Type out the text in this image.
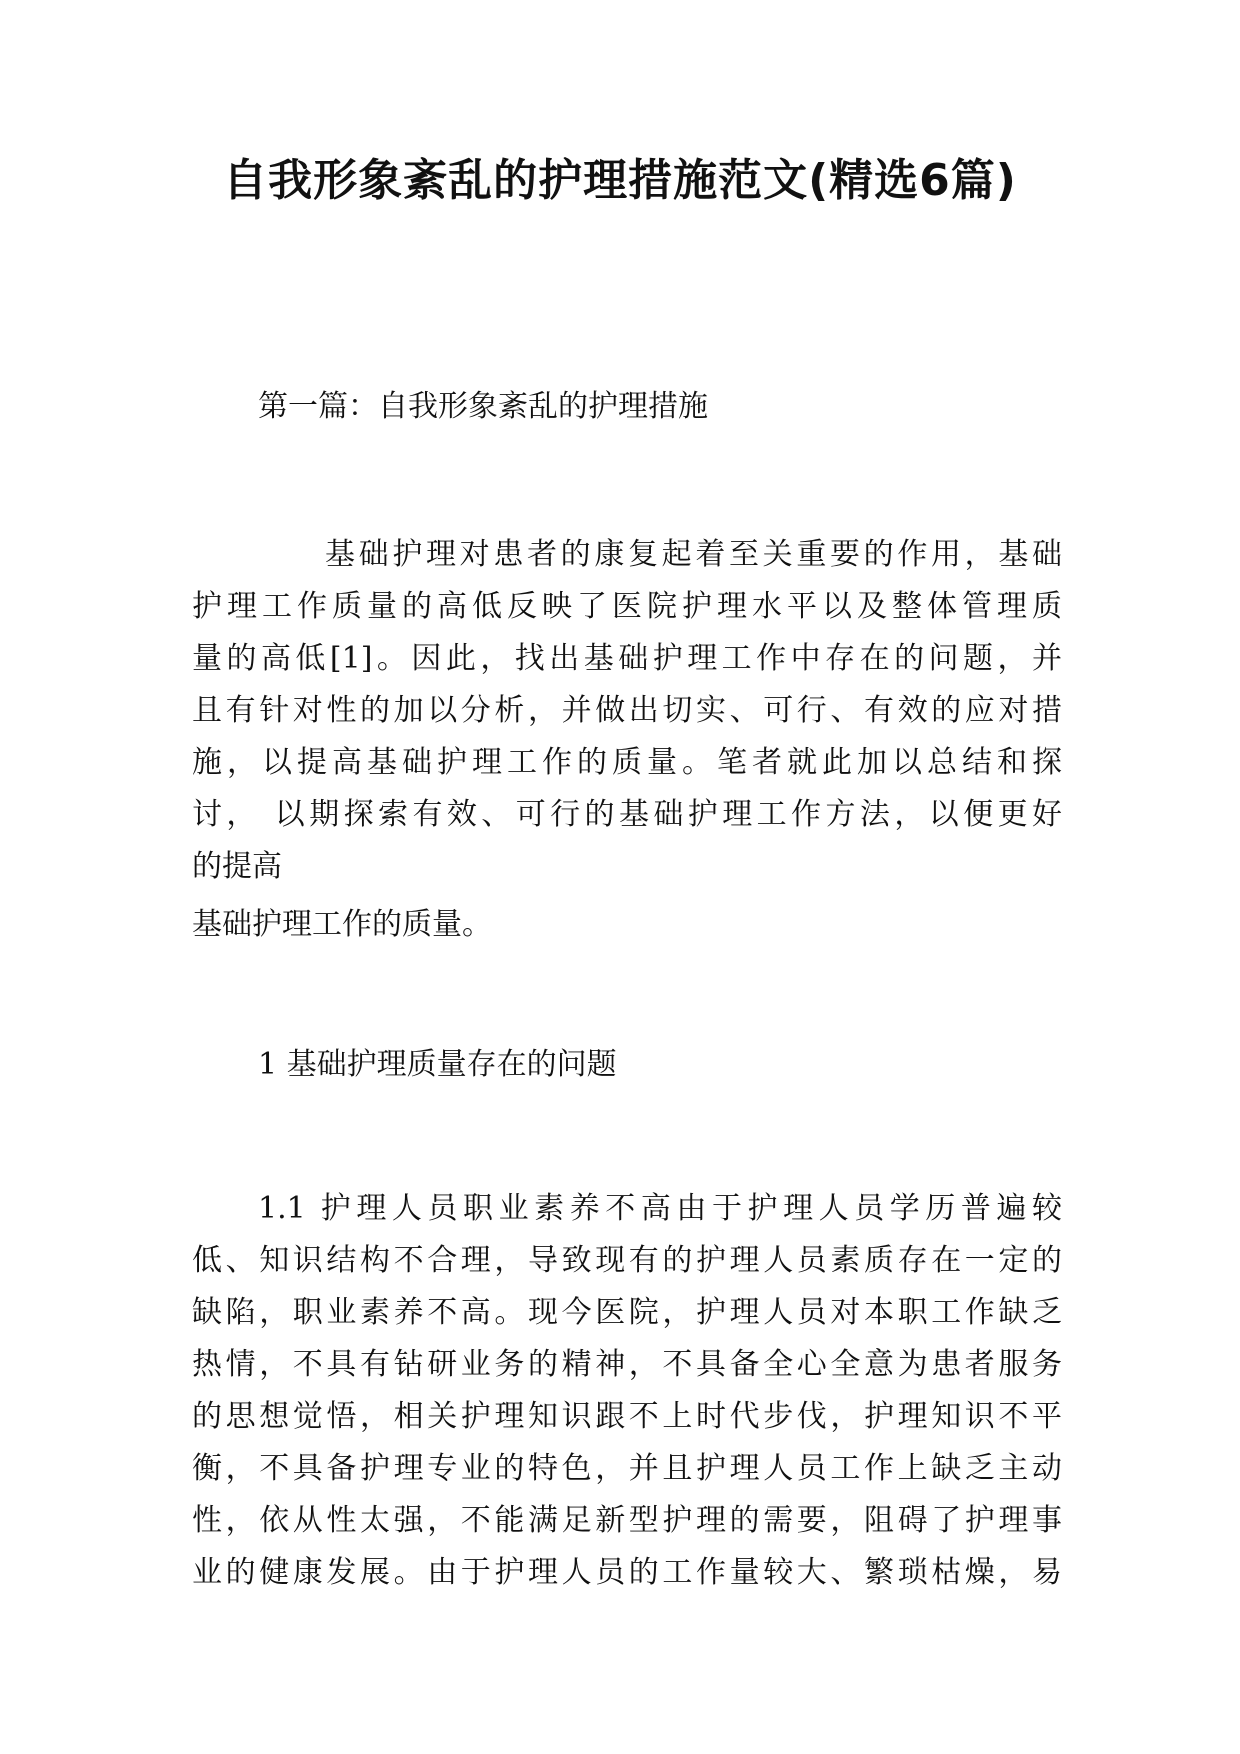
自我形象紊乱的护理措施范文(精选6篇)
第一篇：自我形象紊乱的护理措施
基础护理对患者的康复起着至关重要的作用，基础
护理工作质量的高低反映了医院护理水平以及整体管理质
量的高低[1]。因此，找出基础护理工作中存在的问题，并
且有针对性的加以分析，并做出切实、可行、有效的应对措
施，以提高基础护理工作的质量。笔者就此加以总结和探
讨， 以期探索有效、可行的基础护理工作方法，以便更好
的提高
基础护理工作的质量。
1 基础护理质量存在的问题
1.1 护理人员职业素养不高由于护理人员学历普遍较
低、知识结构不合理，导致现有的护理人员素质存在一定的
缺陷，职业素养不高。现今医院，护理人员对本职工作缺乏
热情，不具有钻研业务的精神，不具备全心全意为患者服务
的思想觉悟，相关护理知识跟不上时代步伐，护理知识不平
衡，不具备护理专业的特色，并且护理人员工作上缺乏主动
性，依从性太强，不能满足新型护理的需要，阻碍了护理事
业的健康发展。由于护理人员的工作量较大、繁琐枯燥，易
